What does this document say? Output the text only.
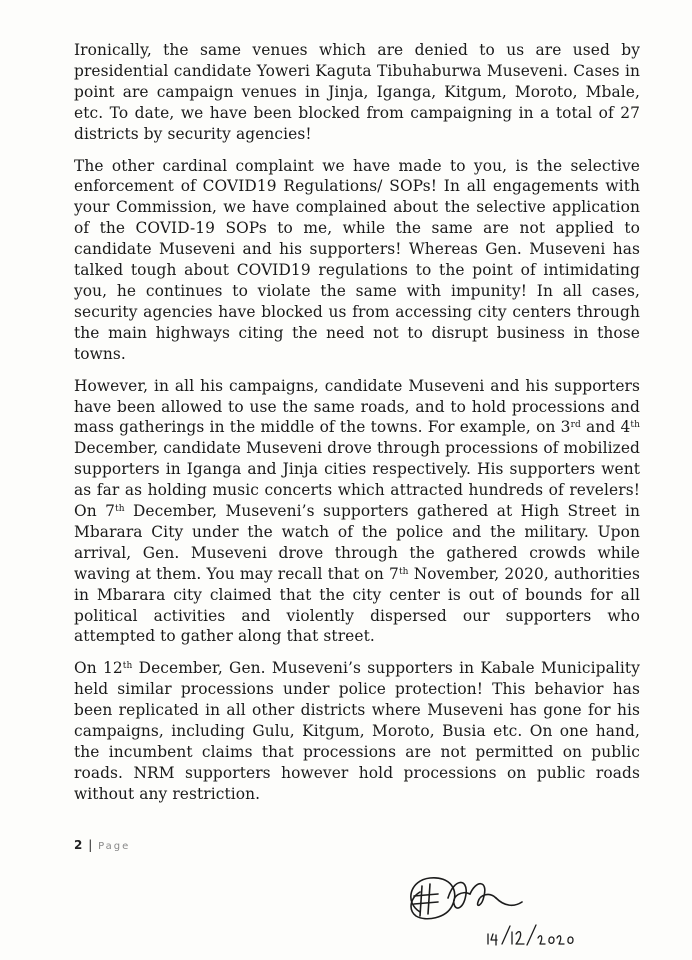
Ironically, the same venues which are denied to us are used by presidential candidate Yoweri Kaguta Tibuhaburwa Museveni. Cases in point are campaign venues in Jinja, Iganga, Kitgum, Moroto, Mbale, etc. To date, we have been blocked from campaigning in a total of 27 districts by security agencies!

The other cardinal complaint we have made to you, is the selective enforcement of COVID19 Regulations/ SOPs! In all engagements with your Commission, we have complained about the selective application of the COVID-19 SOPs to me, while the same are not applied to candidate Museveni and his supporters! Whereas Gen. Museveni has talked tough about COVID19 regulations to the point of intimidating you, he continues to violate the same with impunity! In all cases, security agencies have blocked us from accessing city centers through the main highways citing the need not to disrupt business in those towns.

However, in all his campaigns, candidate Museveni and his supporters have been allowed to use the same roads, and to hold processions and mass gatherings in the middle of the towns. For example, on 3rd and 4th December, candidate Museveni drove through processions of mobilized supporters in Iganga and Jinja cities respectively. His supporters went as far as holding music concerts which attracted hundreds of revelers! On 7th December, Museveni’s supporters gathered at High Street in Mbarara City under the watch of the police and the military. Upon arrival, Gen. Museveni drove through the gathered crowds while waving at them. You may recall that on 7th November, 2020, authorities in Mbarara city claimed that the city center is out of bounds for all political activities and violently dispersed our supporters who attempted to gather along that street.

On 12th December, Gen. Museveni’s supporters in Kabale Municipality held similar processions under police protection! This behavior has been replicated in all other districts where Museveni has gone for his campaigns, including Gulu, Kitgum, Moroto, Busia etc. On one hand, the incumbent claims that processions are not permitted on public roads. NRM supporters however hold processions on public roads without any restriction.

2 | Page
